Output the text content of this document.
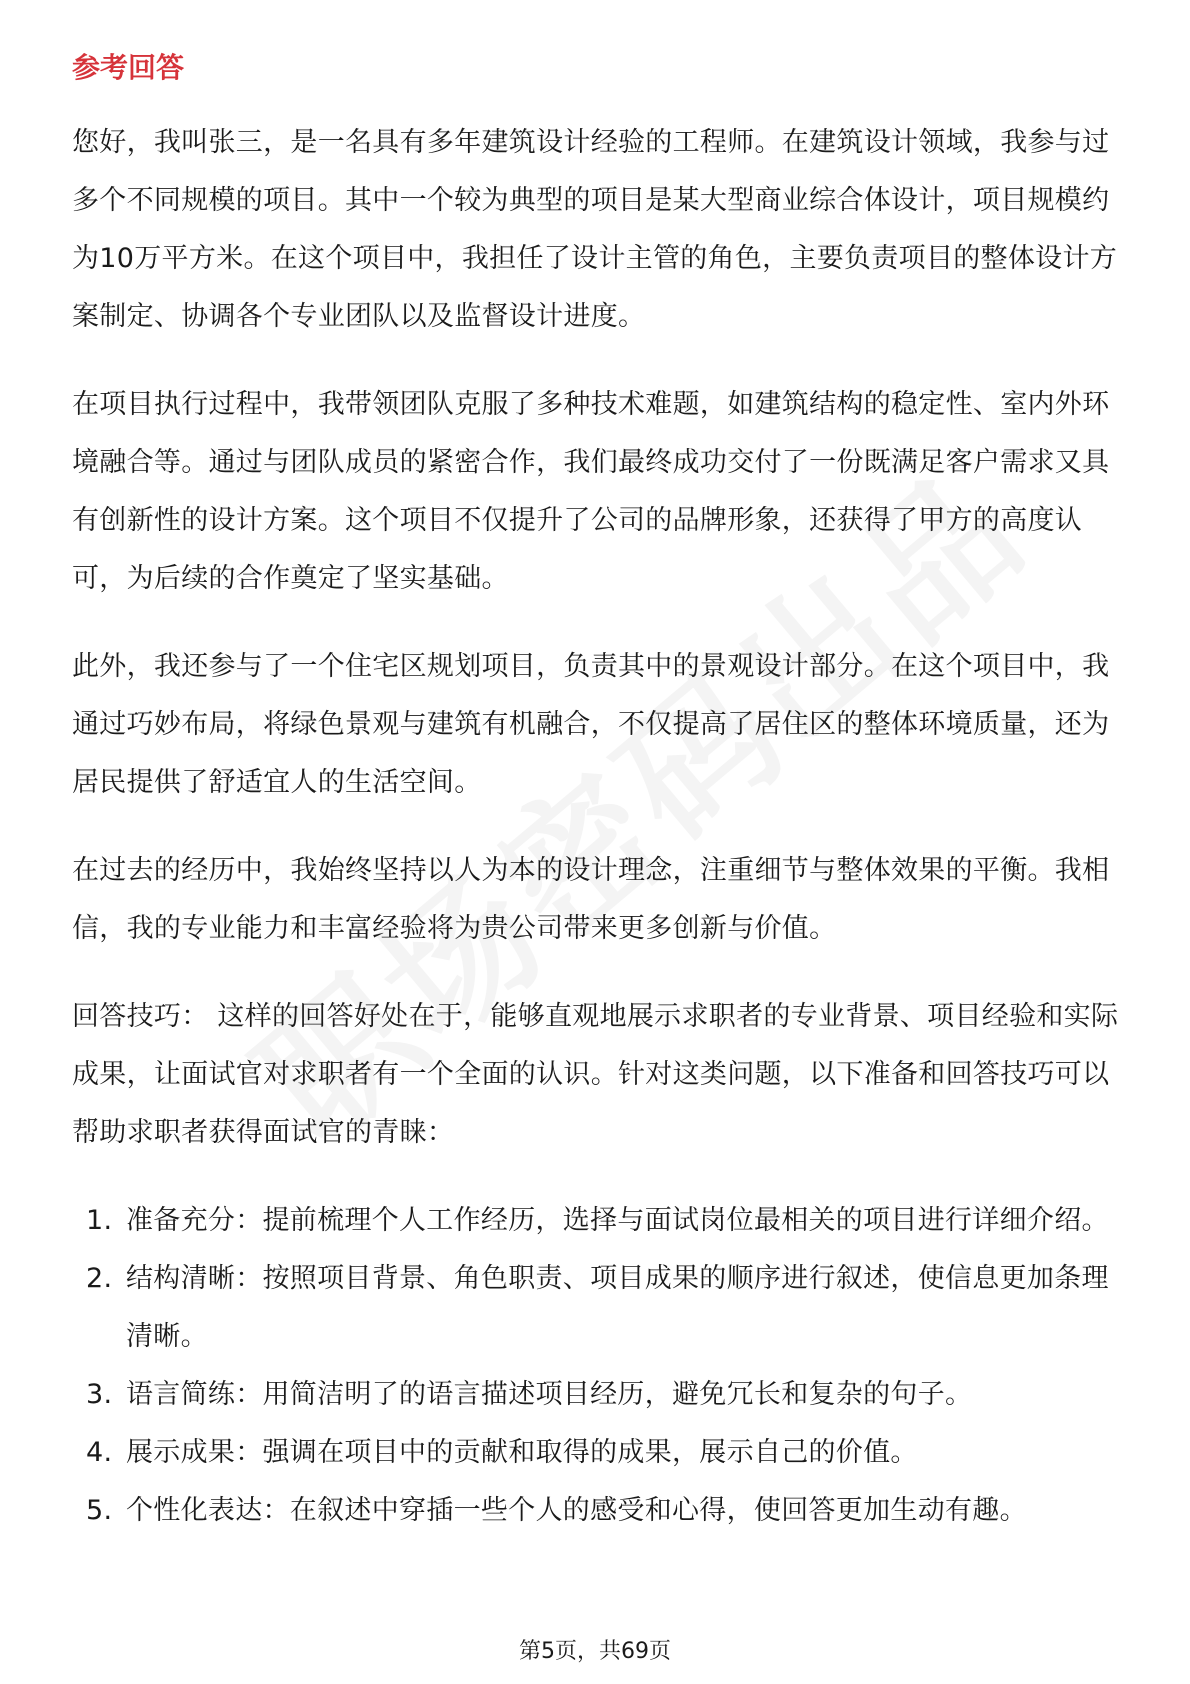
参考回答

您好，我叫张三，是一名具有多年建筑设计经验的工程师。在建筑设计领域，我参与过多个不同规模的项目。其中一个较为典型的项目是某大型商业综合体设计，项目规模约为10万平方米。在这个项目中，我担任了设计主管的角色，主要负责项目的整体设计方案制定、协调各个专业团队以及监督设计进度。

在项目执行过程中，我带领团队克服了多种技术难题，如建筑结构的稳定性、室内外环境融合等。通过与团队成员的紧密合作，我们最终成功交付了一份既满足客户需求又具有创新性的设计方案。这个项目不仅提升了公司的品牌形象，还获得了甲方的高度认可，为后续的合作奠定了坚实基础。

此外，我还参与了一个住宅区规划项目，负责其中的景观设计部分。在这个项目中，我通过巧妙布局，将绿色景观与建筑有机融合，不仅提高了居住区的整体环境质量，还为居民提供了舒适宜人的生活空间。

在过去的经历中，我始终坚持以人为本的设计理念，注重细节与整体效果的平衡。我相信，我的专业能力和丰富经验将为贵公司带来更多创新与价值。

回答技巧： 这样的回答好处在于，能够直观地展示求职者的专业背景、项目经验和实际成果，让面试官对求职者有一个全面的认识。针对这类问题，以下准备和回答技巧可以帮助求职者获得面试官的青睐：

1. 准备充分：提前梳理个人工作经历，选择与面试岗位最相关的项目进行详细介绍。
2. 结构清晰：按照项目背景、角色职责、项目成果的顺序进行叙述，使信息更加条理清晰。
3. 语言简练：用简洁明了的语言描述项目经历，避免冗长和复杂的句子。
4. 展示成果：强调在项目中的贡献和取得的成果，展示自己的价值。
5. 个性化表达：在叙述中穿插一些个人的感受和心得，使回答更加生动有趣。
第5页，共69页
